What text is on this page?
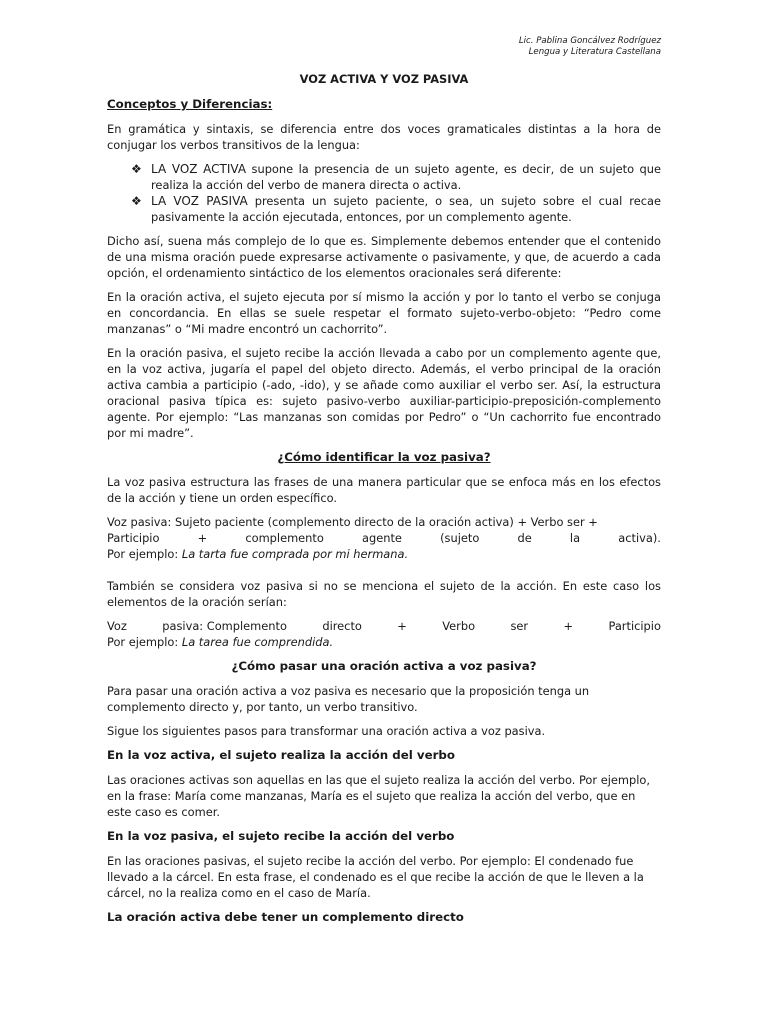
Lic. Pablina Goncálvez Rodríguez
Lengua y Literatura Castellana
VOZ ACTIVA Y VOZ PASIVA
Conceptos y Diferencias:

En gramática y sintaxis, se diferencia entre dos voces gramaticales distintas a la hora de conjugar los verbos transitivos de la lengua:

❖ LA VOZ ACTIVA supone la presencia de un sujeto agente, es decir, de un sujeto que realiza la acción del verbo de manera directa o activa.
❖ LA VOZ PASIVA presenta un sujeto paciente, o sea, un sujeto sobre el cual recae pasivamente la acción ejecutada, entonces, por un complemento agente.

Dicho así, suena más complejo de lo que es. Simplemente debemos entender que el contenido de una misma oración puede expresarse activamente o pasivamente, y que, de acuerdo a cada opción, el ordenamiento sintáctico de los elementos oracionales será diferente:

En la oración activa, el sujeto ejecuta por sí mismo la acción y por lo tanto el verbo se conjuga en concordancia. En ellas se suele respetar el formato sujeto-verbo-objeto: “Pedro come manzanas” o “Mi madre encontró un cachorrito”.

En la oración pasiva, el sujeto recibe la acción llevada a cabo por un complemento agente que, en la voz activa, jugaría el papel del objeto directo. Además, el verbo principal de la oración activa cambia a participio (-ado, -ido), y se añade como auxiliar el verbo ser. Así, la estructura oracional pasiva típica es: sujeto pasivo-verbo auxiliar-participio-preposición-complemento agente. Por ejemplo: “Las manzanas son comidas por Pedro” o “Un cachorrito fue encontrado por mi madre”.

¿Cómo identificar la voz pasiva?

La voz pasiva estructura las frases de una manera particular que se enfoca más en los efectos de la acción y tiene un orden específico.

Voz pasiva: Sujeto paciente (complemento directo de la oración activa) + Verbo ser +
Participio	+	complemento	agente	(sujeto	de	la	activa).
Por ejemplo: La tarta fue comprada por mi hermana.

También se considera voz pasiva si no se menciona el sujeto de la acción. En este caso los elementos de la oración serían:

Voz	pasiva: Complemento	directo	+	Verbo	ser	+	Participio
Por ejemplo: La tarea fue comprendida.
¿Cómo pasar una oración activa a voz pasiva?

Para pasar una oración activa a voz pasiva es necesario que la proposición tenga un complemento directo y, por tanto, un verbo transitivo.

Sigue los siguientes pasos para transformar una oración activa a voz pasiva.

En la voz activa, el sujeto realiza la acción del verbo

Las oraciones activas son aquellas en las que el sujeto realiza la acción del verbo. Por ejemplo, en la frase: María come manzanas, María es el sujeto que realiza la acción del verbo, que en este caso es comer.

En la voz pasiva, el sujeto recibe la acción del verbo

En las oraciones pasivas, el sujeto recibe la acción del verbo. Por ejemplo: El condenado fue llevado a la cárcel. En esta frase, el condenado es el que recibe la acción de que le lleven a la cárcel, no la realiza como en el caso de María.

La oración activa debe tener un complemento directo
